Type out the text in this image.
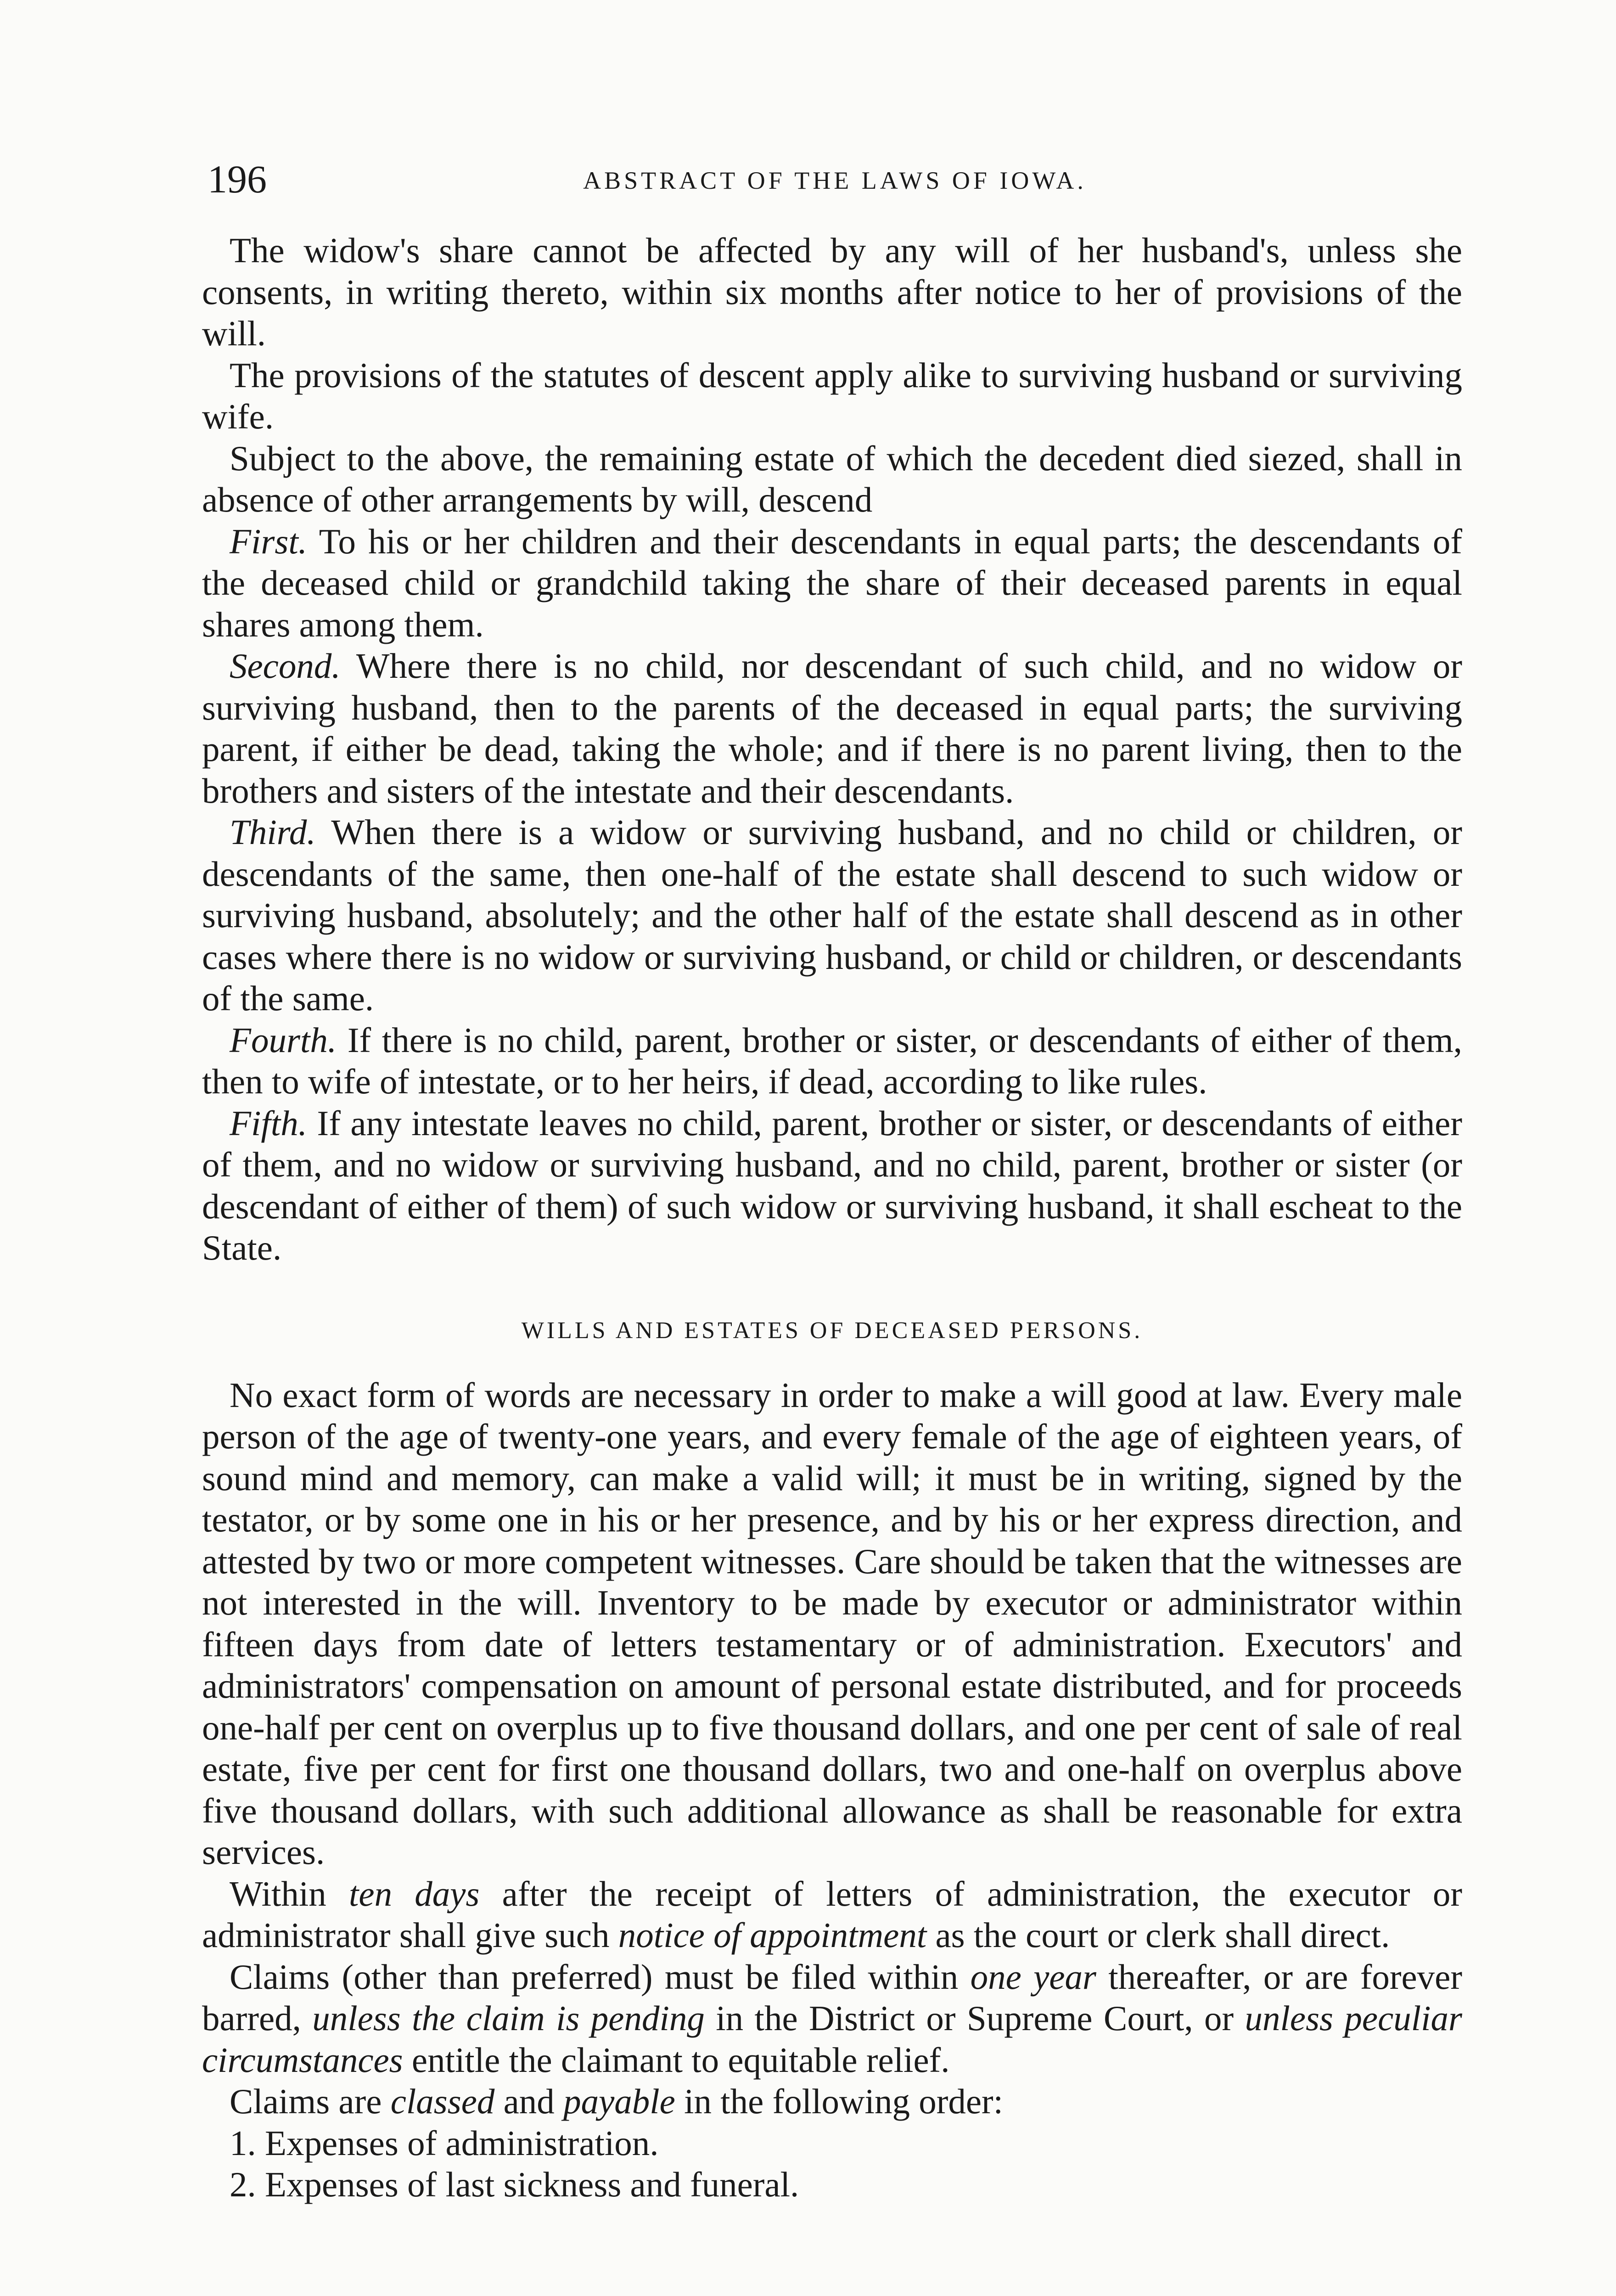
196	ABSTRACT OF THE LAWS OF IOWA.

The widow's share cannot be affected by any will of her husband's, unless she consents, in writing thereto, within six months after notice to her of provisions of the will.

The provisions of the statutes of descent apply alike to surviving husband or surviving wife.

Subject to the above, the remaining estate of which the decedent died siezed, shall in absence of other arrangements by will, descend

First. To his or her children and their descendants in equal parts; the descendants of the deceased child or grandchild taking the share of their deceased parents in equal shares among them.

Second. Where there is no child, nor descendant of such child, and no widow or surviving husband, then to the parents of the deceased in equal parts; the surviving parent, if either be dead, taking the whole; and if there is no parent living, then to the brothers and sisters of the intestate and their descendants.

Third. When there is a widow or surviving husband, and no child or children, or descendants of the same, then one-half of the estate shall descend to such widow or surviving husband, absolutely; and the other half of the estate shall descend as in other cases where there is no widow or surviving husband, or child or children, or descendants of the same.

Fourth. If there is no child, parent, brother or sister, or descendants of either of them, then to wife of intestate, or to her heirs, if dead, according to like rules.

Fifth. If any intestate leaves no child, parent, brother or sister, or descendants of either of them, and no widow or surviving husband, and no child, parent, brother or sister (or descendant of either of them) of such widow or surviving husband, it shall escheat to the State.

WILLS AND ESTATES OF DECEASED PERSONS.

No exact form of words are necessary in order to make a will good at law. Every male person of the age of twenty-one years, and every female of the age of eighteen years, of sound mind and memory, can make a valid will; it must be in writing, signed by the testator, or by some one in his or her presence, and by his or her express direction, and attested by two or more competent witnesses. Care should be taken that the witnesses are not interested in the will. Inventory to be made by executor or administrator within fifteen days from date of letters testamentary or of administration. Executors' and administrators' compensation on amount of personal estate distributed, and for proceeds one-half per cent on overplus up to five thousand dollars, and one per cent of sale of real estate, five per cent for first one thousand dollars, two and one-half on overplus above five thousand dollars, with such additional allowance as shall be reasonable for extra services.

Within ten days after the receipt of letters of administration, the executor or administrator shall give such notice of appointment as the court or clerk shall direct.

Claims (other than preferred) must be filed within one year thereafter, or are forever barred, unless the claim is pending in the District or Supreme Court, or unless peculiar circumstances entitle the claimant to equitable relief.

Claims are classed and payable in the following order:

1. Expenses of administration.

2. Expenses of last sickness and funeral.
